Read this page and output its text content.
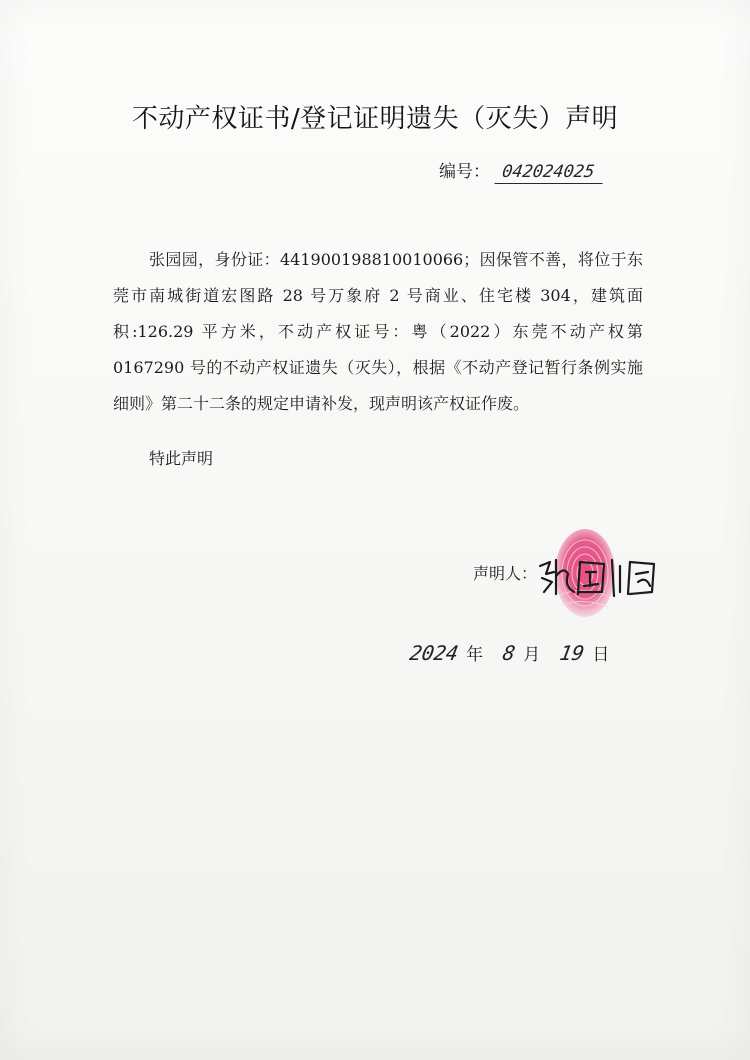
不动产权证书/登记证明遗失（灭失）声明
编号： 042024025
张园园，身份证：441900198810010066；因保管不善，将位于东莞市南城街道宏图路 28 号万象府 2 号商业、住宅楼 304，建筑面积:126.29 平方米，不动产权证号：粤（2022）东莞不动产权第 0167290 号的不动产权证遗失（灭失），根据《不动产登记暂行条例实施细则》第二十二条的规定申请补发，现声明该产权证作废。
特此声明
声明人：
2024 年 8 月 19 日
